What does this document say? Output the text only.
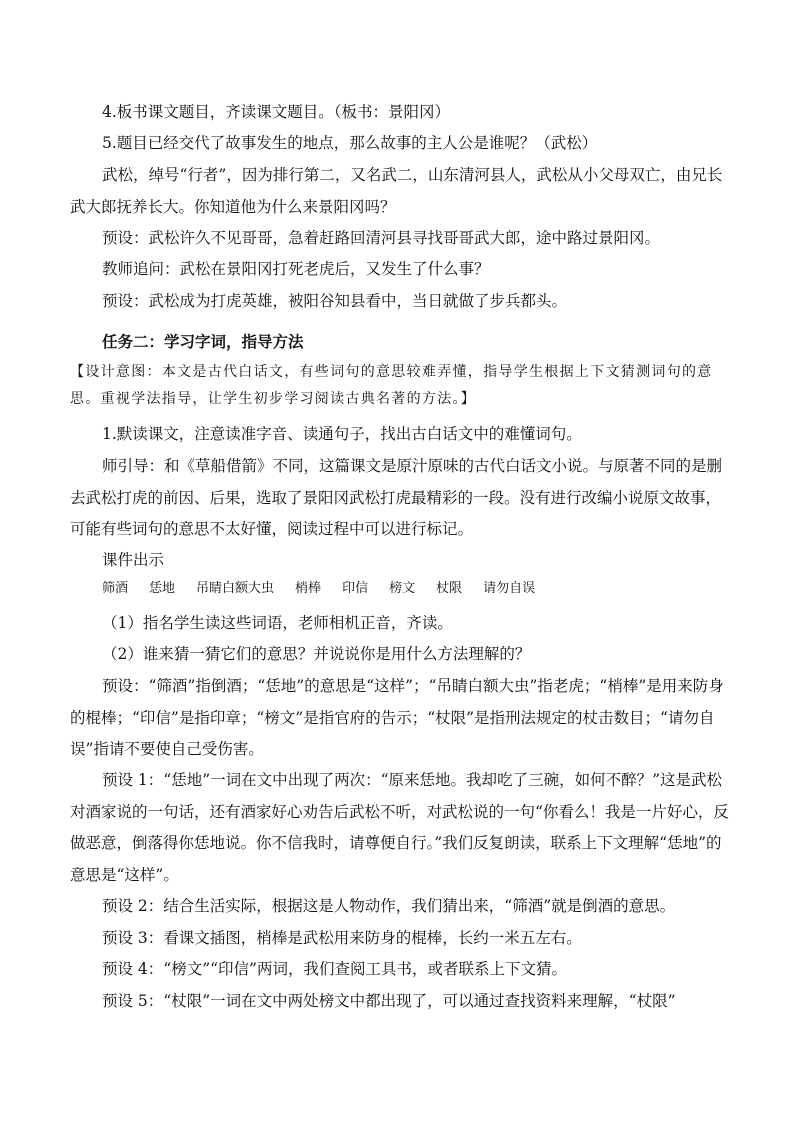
4.板书课文题目，齐读课文题目。（板书：景阳冈）
5.题目已经交代了故事发生的地点，那么故事的主人公是谁呢？（武松）
武松，绰号“行者”，因为排行第二，又名武二，山东清河县人，武松从小父母双亡，由兄长武大郎抚养长大。你知道他为什么来景阳冈吗？
预设：武松许久不见哥哥，急着赶路回清河县寻找哥哥武大郎，途中路过景阳冈。
教师追问：武松在景阳冈打死老虎后，又发生了什么事？
预设：武松成为打虎英雄，被阳谷知县看中，当日就做了步兵都头。
任务二：学习字词，指导方法
【设计意图：本文是古代白话文，有些词句的意思较难弄懂，指导学生根据上下文猜测词句的意思。重视学法指导，让学生初步学习阅读古典名著的方法。】
1.默读课文，注意读准字音、读通句子，找出古白话文中的难懂词句。
师引导：和《草船借箭》不同，这篇课文是原汁原味的古代白话文小说。与原著不同的是删去武松打虎的前因、后果，选取了景阳冈武松打虎最精彩的一段。没有进行改编小说原文故事，可能有些词句的意思不太好懂，阅读过程中可以进行标记。
课件出示
筛酒 恁地 吊睛白额大虫 梢棒 印信 榜文 杖限 请勿自误
（1）指名学生读这些词语，老师相机正音，齐读。
（2）谁来猜一猜它们的意思？并说说你是用什么方法理解的？
预设：“筛酒”指倒酒；“恁地”的意思是“这样”；“吊睛白额大虫”指老虎；“梢棒”是用来防身的棍棒；“印信”是指印章；“榜文”是指官府的告示；“杖限”是指刑法规定的杖击数目；“请勿自误”指请不要使自己受伤害。
预设 1：“恁地”一词在文中出现了两次：“原来恁地。我却吃了三碗，如何不醉？”这是武松对酒家说的一句话，还有酒家好心劝告后武松不听，对武松说的一句“你看么！我是一片好心，反做恶意，倒落得你恁地说。你不信我时，请尊便自行。”我们反复朗读，联系上下文理解“恁地”的意思是“这样”。
预设 2：结合生活实际，根据这是人物动作，我们猜出来，“筛酒”就是倒酒的意思。
预设 3：看课文插图，梢棒是武松用来防身的棍棒，长约一米五左右。
预设 4：“榜文”“印信”两词，我们查阅工具书，或者联系上下文猜。
预设 5：“杖限”一词在文中两处榜文中都出现了，可以通过查找资料来理解，“杖限”
